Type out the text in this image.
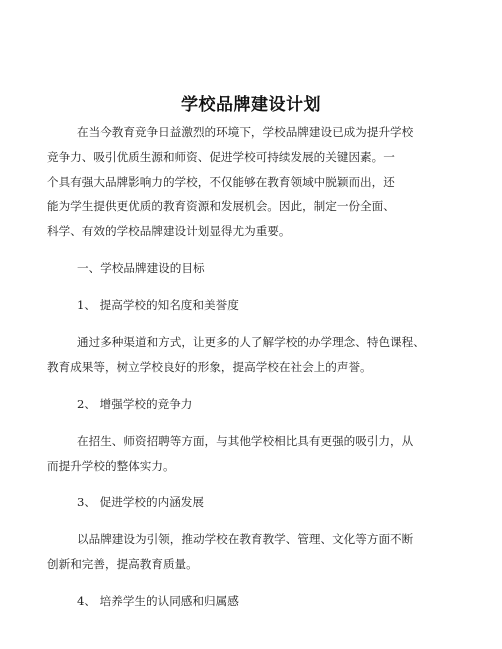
学校品牌建设计划
在当今教育竞争日益激烈的环境下，学校品牌建设已成为提升学校
竞争力、吸引优质生源和师资、促进学校可持续发展的关键因素。一
个具有强大品牌影响力的学校，不仅能够在教育领域中脱颖而出，还
能为学生提供更优质的教育资源和发展机会。因此，制定一份全面、
科学、有效的学校品牌建设计划显得尤为重要。
一、学校品牌建设的目标
1、 提高学校的知名度和美誉度
通过多种渠道和方式，让更多的人了解学校的办学理念、特色课程、
教育成果等，树立学校良好的形象，提高学校在社会上的声誉。
2、 增强学校的竞争力
在招生、师资招聘等方面，与其他学校相比具有更强的吸引力，从
而提升学校的整体实力。
3、 促进学校的内涵发展
以品牌建设为引领，推动学校在教育教学、管理、文化等方面不断
创新和完善，提高教育质量。
4、 培养学生的认同感和归属感
